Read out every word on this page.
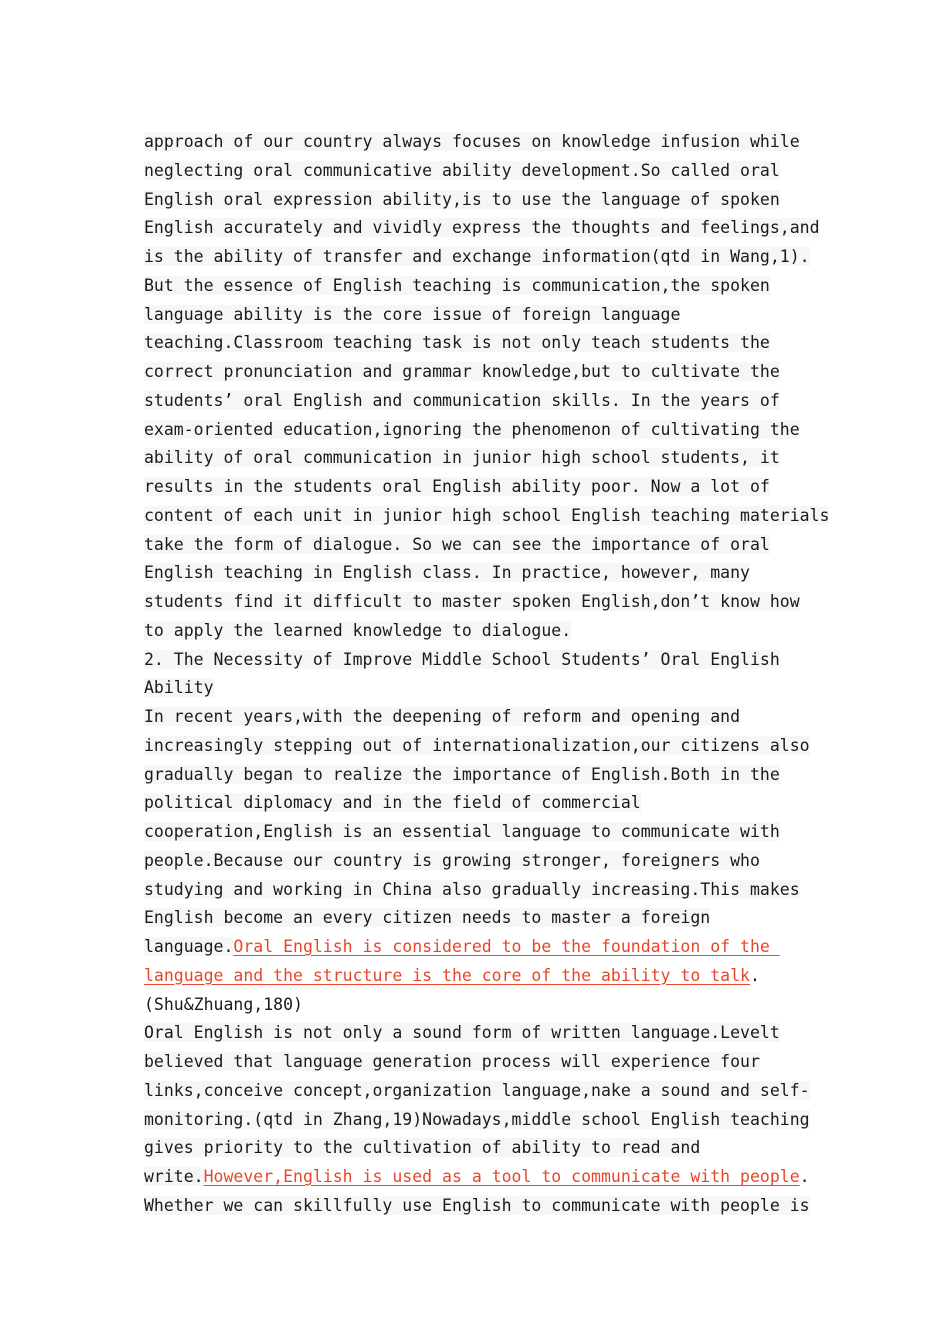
approach of our country always focuses on knowledge infusion while
neglecting oral communicative ability development.So called oral
English oral expression ability,is to use the language of spoken
English accurately and vividly express the thoughts and feelings,and
is the ability of transfer and exchange information(qtd in Wang,1).
But the essence of English teaching is communication,the spoken
language ability is the core issue of foreign language
teaching.Classroom teaching task is not only teach students the
correct pronunciation and grammar knowledge,but to cultivate the
students’ oral English and communication skills. In the years of
exam-oriented education,ignoring the phenomenon of cultivating the
ability of oral communication in junior high school students, it
results in the students oral English ability poor. Now a lot of
content of each unit in junior high school English teaching materials
take the form of dialogue. So we can see the importance of oral
English teaching in English class. In practice, however, many
students find it difficult to master spoken English,don’t know how
to apply the learned knowledge to dialogue.
2. The Necessity of Improve Middle School Students’ Oral English
Ability
In recent years,with the deepening of reform and opening and
increasingly stepping out of internationalization,our citizens also
gradually began to realize the importance of English.Both in the
political diplomacy and in the field of commercial
cooperation,English is an essential language to communicate with
people.Because our country is growing stronger, foreigners who
studying and working in China also gradually increasing.This makes
English become an every citizen needs to master a foreign
language.Oral English is considered to be the foundation of the
language and the structure is the core of the ability to talk.
(Shu&Zhuang,180)
Oral English is not only a sound form of written language.Levelt
believed that language generation process will experience four
links,conceive concept,organization language,nake a sound and self-
monitoring.(qtd in Zhang,19)Nowadays,middle school English teaching
gives priority to the cultivation of ability to read and
write.However,English is used as a tool to communicate with people.
Whether we can skillfully use English to communicate with people is
